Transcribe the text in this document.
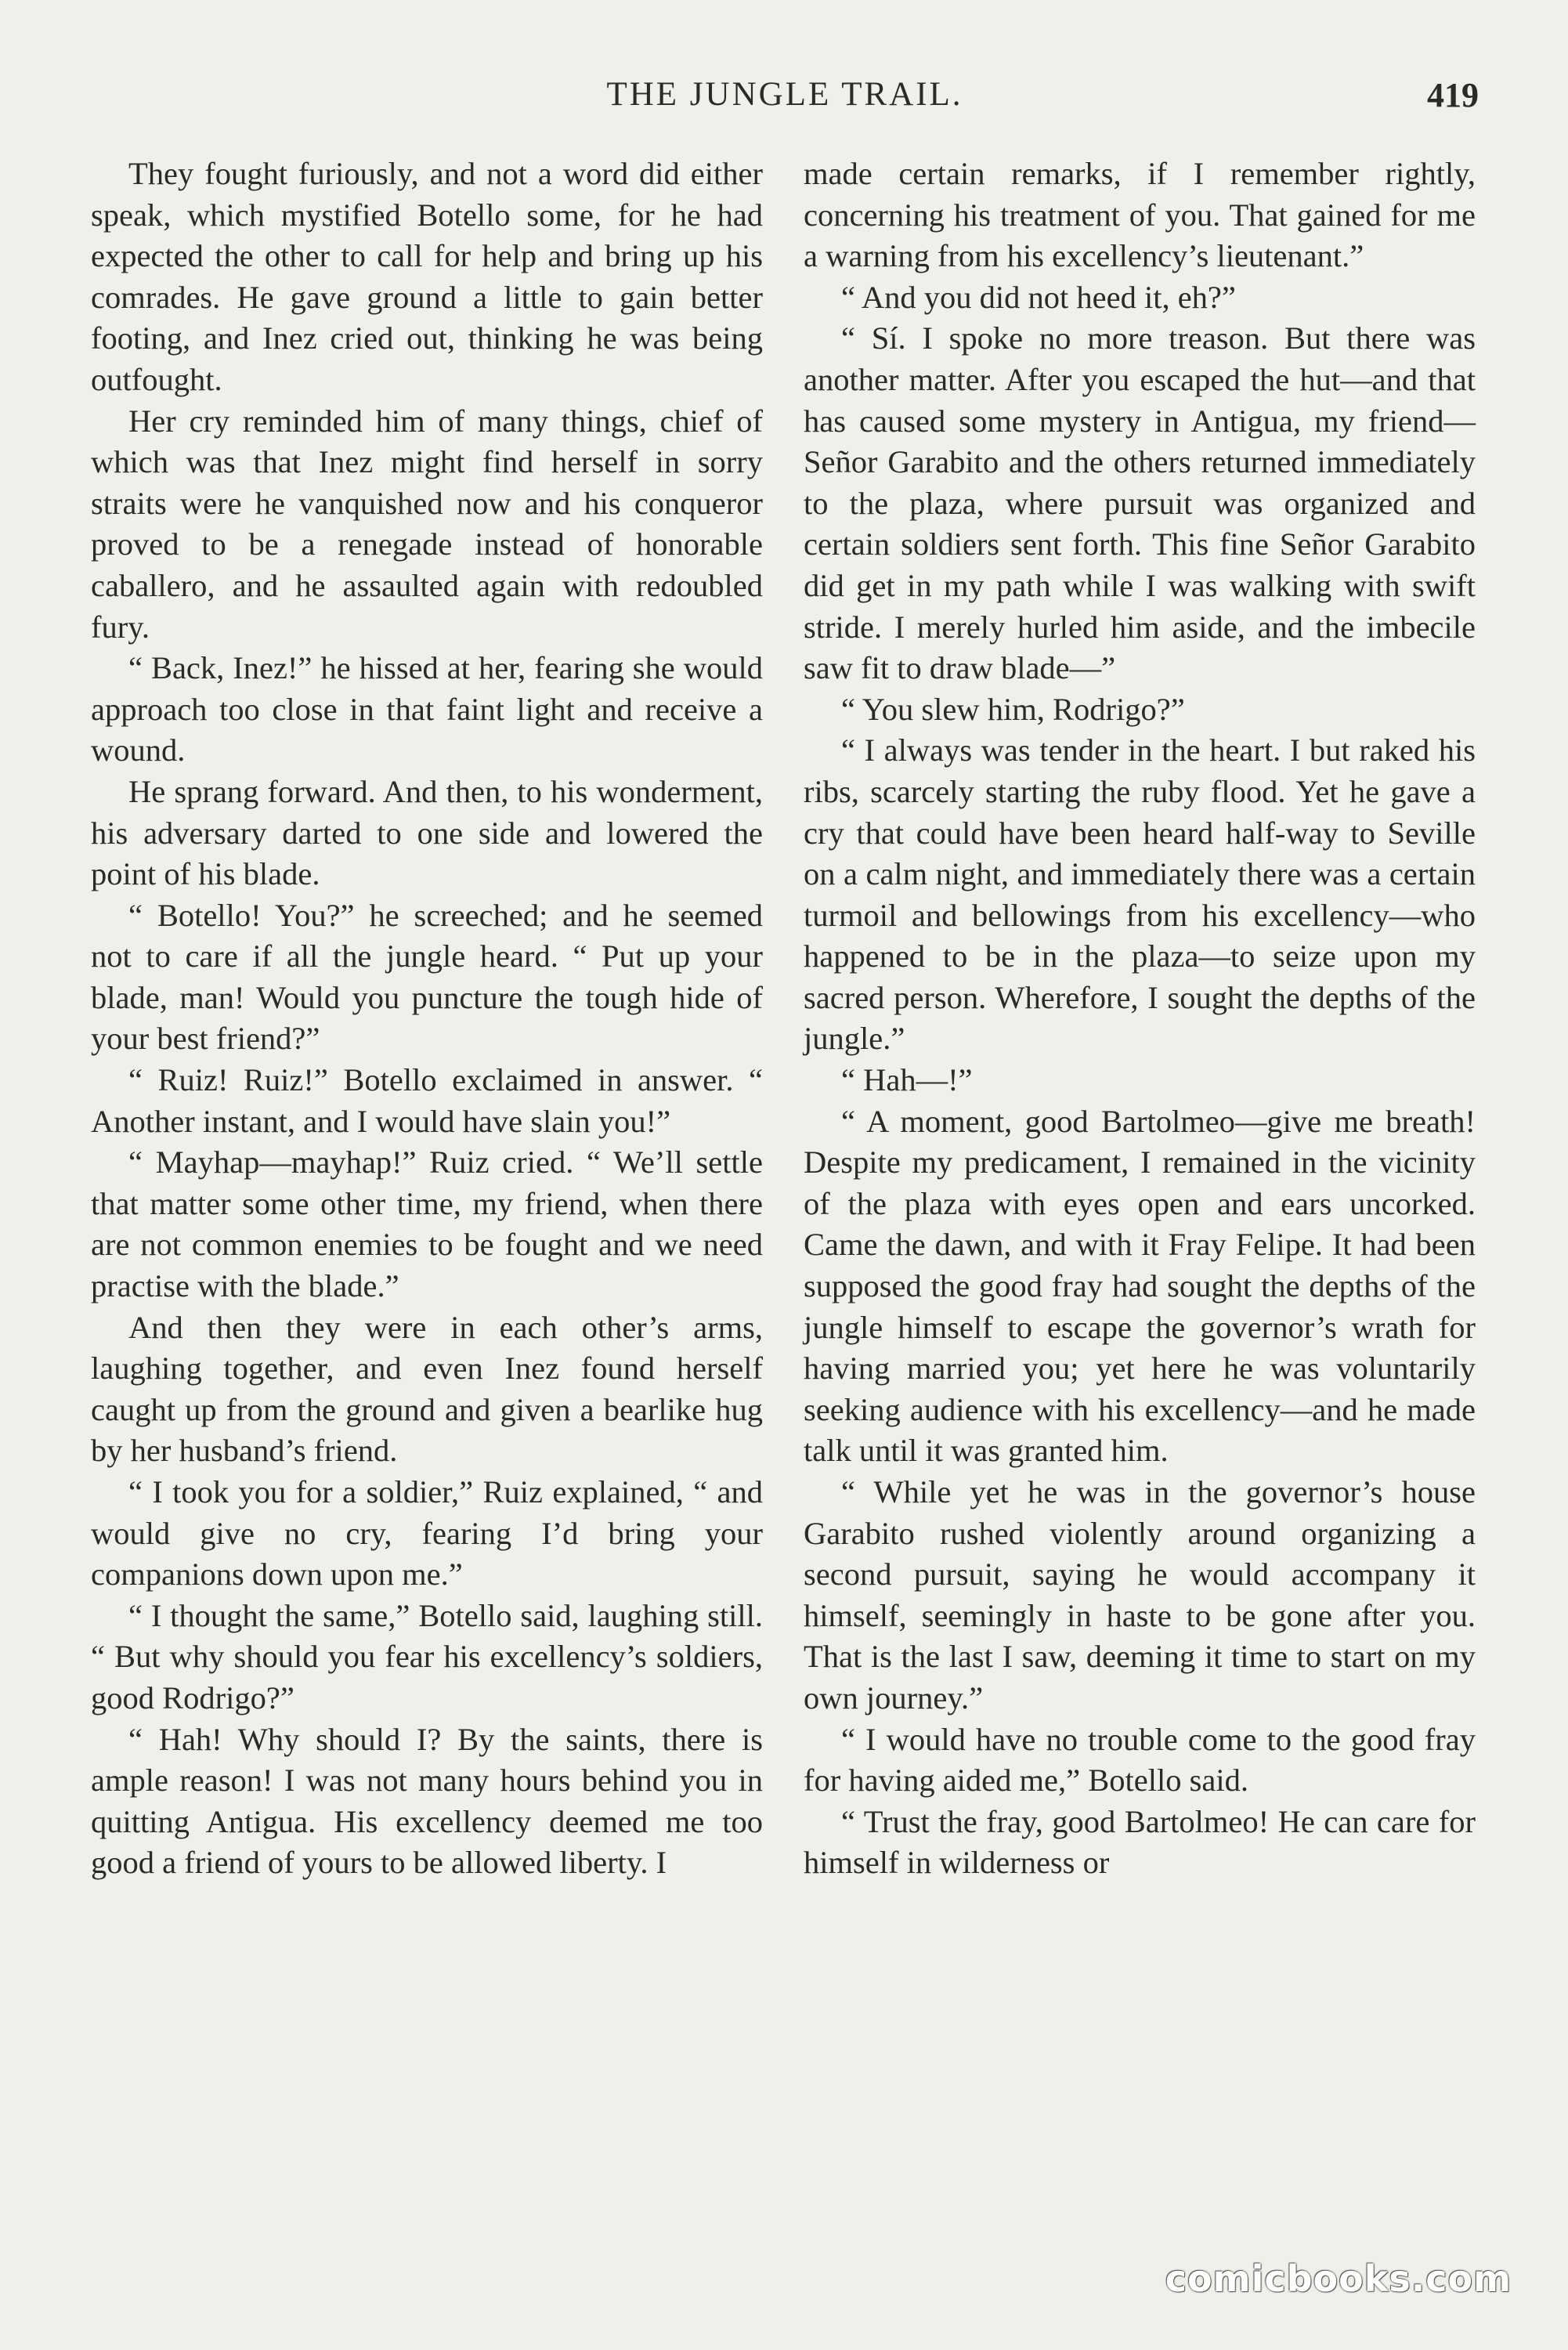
THE JUNGLE TRAIL.	419

They fought furiously, and not a word did either speak, which mystified Botello some, for he had expected the other to call for help and bring up his comrades. He gave ground a little to gain better footing, and Inez cried out, thinking he was being outfought.

Her cry reminded him of many things, chief of which was that Inez might find herself in sorry straits were he vanquished now and his conqueror proved to be a renegade instead of honorable caballero, and he assaulted again with redoubled fury.

“ Back, Inez!” he hissed at her, fearing she would approach too close in that faint light and receive a wound.

He sprang forward. And then, to his wonderment, his adversary darted to one side and lowered the point of his blade.

“ Botello! You?” he screeched; and he seemed not to care if all the jungle heard. “ Put up your blade, man! Would you puncture the tough hide of your best friend?”

“ Ruiz! Ruiz!” Botello exclaimed in answer. “ Another instant, and I would have slain you!”

“ Mayhap—mayhap!” Ruiz cried. “ We’ll settle that matter some other time, my friend, when there are not common enemies to be fought and we need practise with the blade.”

And then they were in each other’s arms, laughing together, and even Inez found herself caught up from the ground and given a bearlike hug by her husband’s friend.

“ I took you for a soldier,” Ruiz explained, “ and would give no cry, fearing I’d bring your companions down upon me.”

“ I thought the same,” Botello said, laughing still. “ But why should you fear his excellency’s soldiers, good Rodrigo?”

“ Hah! Why should I? By the saints, there is ample reason! I was not many hours behind you in quitting Antigua. His excellency deemed me too good a friend of yours to be allowed liberty. I

made certain remarks, if I remember rightly, concerning his treatment of you. That gained for me a warning from his excellency’s lieutenant.”

“ And you did not heed it, eh?”

“ Sí. I spoke no more treason. But there was another matter. After you escaped the hut—and that has caused some mystery in Antigua, my friend—Señor Garabito and the others returned immediately to the plaza, where pursuit was organized and certain soldiers sent forth. This fine Señor Garabito did get in my path while I was walking with swift stride. I merely hurled him aside, and the imbecile saw fit to draw blade—”

“ You slew him, Rodrigo?”

“ I always was tender in the heart. I but raked his ribs, scarcely starting the ruby flood. Yet he gave a cry that could have been heard half-way to Seville on a calm night, and immediately there was a certain turmoil and bellowings from his excellency—who happened to be in the plaza—to seize upon my sacred person. Wherefore, I sought the depths of the jungle.”

“ Hah—!”

“ A moment, good Bartolmeo—give me breath! Despite my predicament, I remained in the vicinity of the plaza with eyes open and ears uncorked. Came the dawn, and with it Fray Felipe. It had been supposed the good fray had sought the depths of the jungle himself to escape the governor’s wrath for having married you; yet here he was voluntarily seeking audience with his excellency—and he made talk until it was granted him.

“ While yet he was in the governor’s house Garabito rushed violently around organizing a second pursuit, saying he would accompany it himself, seemingly in haste to be gone after you. That is the last I saw, deeming it time to start on my own journey.”

“ I would have no trouble come to the good fray for having aided me,” Botello said.

“ Trust the fray, good Bartolmeo! He can care for himself in wilderness or

comicbooks.com
